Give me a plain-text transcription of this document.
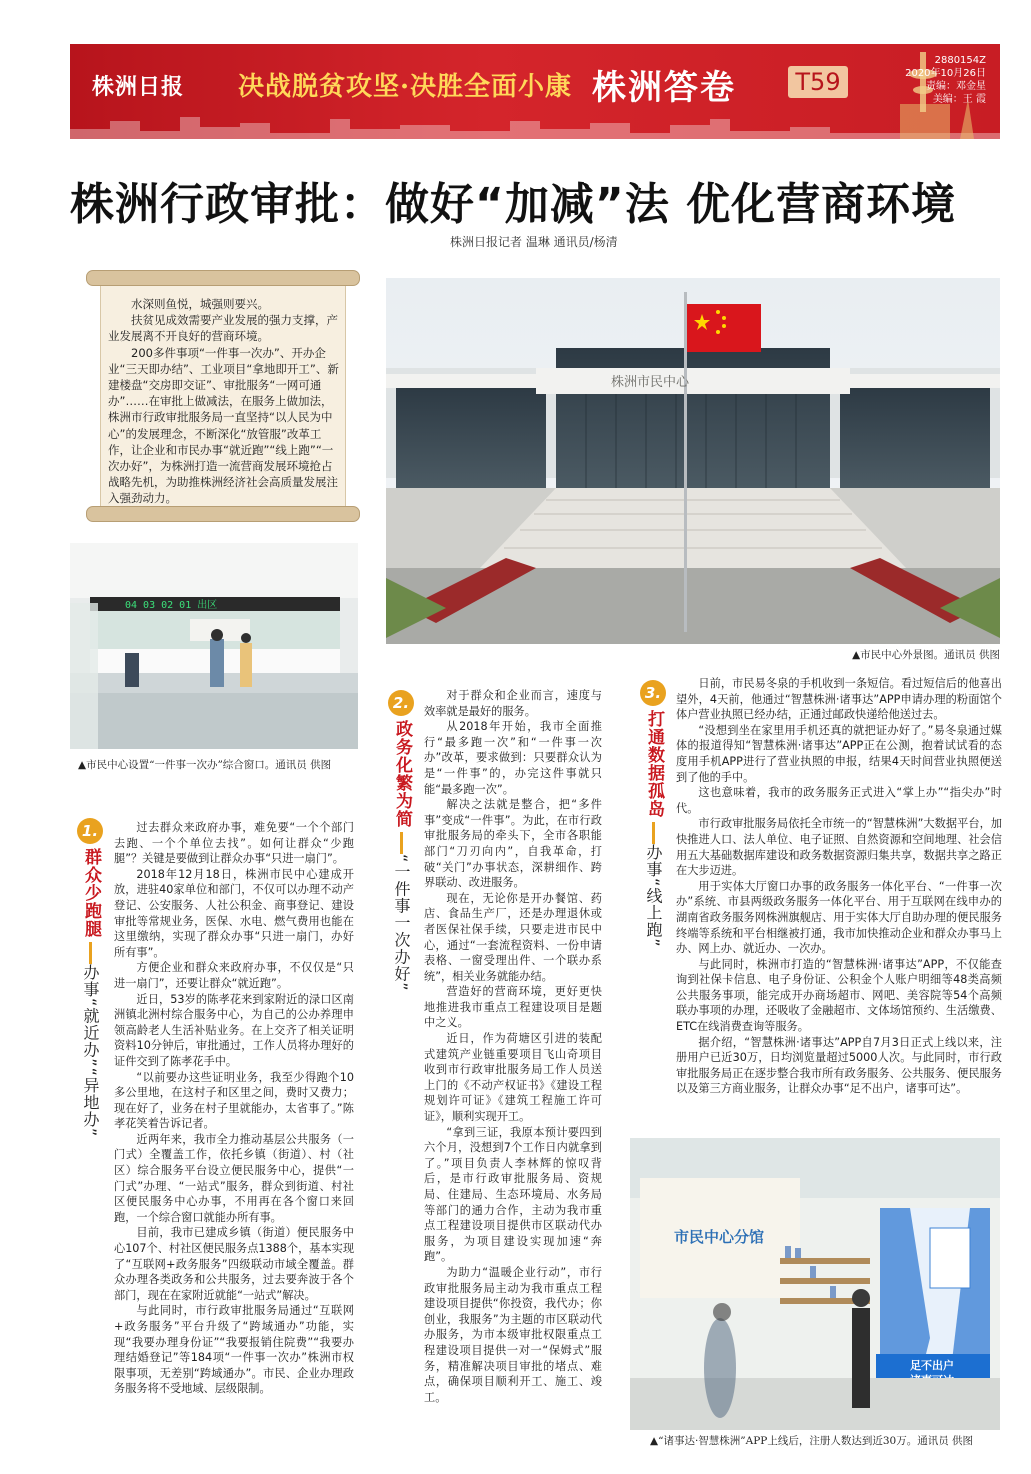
株洲日报 决战脱贫攻坚·决胜全面小康 株洲答卷	T59
2880154Z
2020年10月26日
责编：邓金星
美编：王 霞
株洲行政审批：做好“加减”法 优化营商环境
株洲日报记者 温琳 通讯员/杨清

水深则鱼悦，城强则要兴。

扶贫见成效需要产业发展的强力支撑，产业发展离不开良好的营商环境。

200多件事项“一件事一次办”、开办企业“三天即办结”、工业项目“拿地即开工”、新建楼盘“交房即交证”、审批服务“一网可通办”……在审批上做减法，在服务上做加法，株洲市行政审批服务局一直坚持“以人民为中心”的发展理念，不断深化“放管服”改革工作，让企业和市民办事“就近跑”“线上跑”“一次办好”，为株洲打造一流营商发展环境抢占战略先机，为助推株洲经济社会高质量发展注入强劲动力。

株洲市民中心
▲市民中心外景图。通讯员 供图
04 03 02 01 出区
▲市民中心设置“一件事一次办”综合窗口。通讯员 供图
1.
群众少跑腿
办事“就近办”“异地办”

过去群众来政府办事，难免要“一个个部门去跑、一个个单位去找”。如何让群众“少跑腿”？关键是要做到让群众办事“只进一扇门”。

2018年12月18日，株洲市民中心建成开放，进驻40家单位和部门，不仅可以办理不动产登记、公安服务、人社公积金、商事登记、建设审批等常规业务，医保、水电、燃气费用也能在这里缴纳，实现了群众办事“只进一扇门，办好所有事”。

方便企业和群众来政府办事，不仅仅是“只进一扇门”，还要让群众“就近跑”。

近日，53岁的陈孝花来到家附近的渌口区南洲镇北洲村综合服务中心，为自己的公办养理申领高龄老人生活补贴业务。在上交齐了相关证明资料10分钟后，审批通过，工作人员将办理好的证件交到了陈孝花手中。

“以前要办这些证明业务，我至少得跑个10多公里地，在这村子和区里之间，费时又费力；现在好了，业务在村子里就能办，太省事了。”陈孝花笑着告诉记者。

近两年来，我市全力推动基层公共服务（一门式）全覆盖工作，依托乡镇（街道）、村（社区）综合服务平台设立便民服务中心，提供“一门式”办理、“一站式”服务，群众到街道、村社区便民服务中心办事，不用再在各个窗口来回跑，一个综合窗口就能办所有事。

目前，我市已建成乡镇（街道）便民服务中心107个、村社区便民服务点1388个，基本实现了“互联网+政务服务”四级联动市域全覆盖。群众办理各类政务和公共服务，过去要奔波于各个部门，现在在家附近就能“一站式”解决。

与此同时，市行政审批服务局通过“互联网+政务服务”平台升级了“跨域通办”功能，实现“我要办理身份证”“我要报销住院费”“我要办理结婚登记”等184项“一件事一次办”株洲市权限事项，无差别“跨域通办”。市民、企业办理政务服务将不受地域、层级限制。

2.
政务化繁为简
“一件事一次办好”

对于群众和企业而言，速度与效率就是最好的服务。

从2018年开始，我市全面推行“最多跑一次”和“一件事一次办”改革，要求做到：只要群众认为是“一件事”的，办完这件事就只能“最多跑一次”。

解决之法就是整合，把“多件事”变成“一件事”。为此，在市行政审批服务局的牵头下，全市各职能部门“刀刃向内”，自我革命，打破“关门”办事状态，深耕细作、跨界联动、改进服务。

现在，无论你是开办餐馆、药店、食品生产厂，还是办理退休或者医保社保手续，只要走进市民中心，通过“一套流程资料、一份申请表格、一窗受理出件、一个联办系统”，相关业务就能办结。

营造好的营商环境，更好更快地推进我市重点工程建设项目是题中之义。

近日，作为荷塘区引进的装配式建筑产业链重要项目飞山奇项目收到市行政审批服务局工作人员送上门的《不动产权证书》《建设工程规划许可证》《建筑工程施工许可证》，顺利实现开工。

“拿到三证，我原本预计要四到六个月，没想到7个工作日内就拿到了。”项目负责人李林辉的惊叹背后，是市行政审批服务局、资规局、住建局、生态环境局、水务局等部门的通力合作，主动为我市重点工程建设项目提供市区联动代办服务，为项目建设实现加速“奔跑”。

为助力“温暖企业行动”，市行政审批服务局主动为我市重点工程建设项目提供“你投资，我代办；你创业，我服务”为主题的市区联动代办服务，为市本级审批权限重点工程建设项目提供一对一“保姆式”服务，精准解决项目审批的堵点、难点，确保项目顺利开工、施工、竣工。

3.
打通数据孤岛
办事“线上跑”

日前，市民易冬泉的手机收到一条短信。看过短信后的他喜出望外，4天前，他通过“智慧株洲·诸事达”APP申请办理的粉面馆个体户营业执照已经办结，正通过邮政快递给他送过去。

“没想到坐在家里用手机还真的就把证办好了。”易冬泉通过媒体的报道得知“智慧株洲·诸事达”APP正在公测，抱着试试看的态度用手机APP进行了营业执照的申报，结果4天时间营业执照便送到了他的手中。

这也意味着，我市的政务服务正式进入“掌上办”“指尖办”时代。

市行政审批服务局依托全市统一的“智慧株洲”大数据平台，加快推进人口、法人单位、电子证照、自然资源和空间地理、社会信用五大基础数据库建设和政务数据资源归集共享，数据共享之路正在大步迈进。

用于实体大厅窗口办事的政务服务一体化平台、“一件事一次办”系统、市县两级政务服务一体化平台、用于互联网在线申办的湖南省政务服务网株洲旗舰店、用于实体大厅自助办理的便民服务终端等系统和平台相继被打通，我市加快推动企业和群众办事马上办、网上办、就近办、一次办。

与此同时，株洲市打造的“智慧株洲·诸事达”APP，不仅能查询到社保卡信息、电子身份证、公积金个人账户明细等48类高频公共服务事项，能完成开办商场超市、网吧、美容院等54个高频联办事项的办理，还吸收了金融超市、文体场馆预约、生活缴费、ETC在线消费查询等服务。

据介绍，“智慧株洲·诸事达”APP自7月3日正式上线以来，注册用户已近30万，日均浏览量超过5000人次。与此同时，市行政审批服务局正在逐步整合我市所有政务服务、公共服务、便民服务以及第三方商业服务，让群众办事“足不出户，诸事可达”。

市民中心分馆
足不出户
▲“诸事达·智慧株洲”APP上线后，注册人数达到近30万。通讯员 供图
